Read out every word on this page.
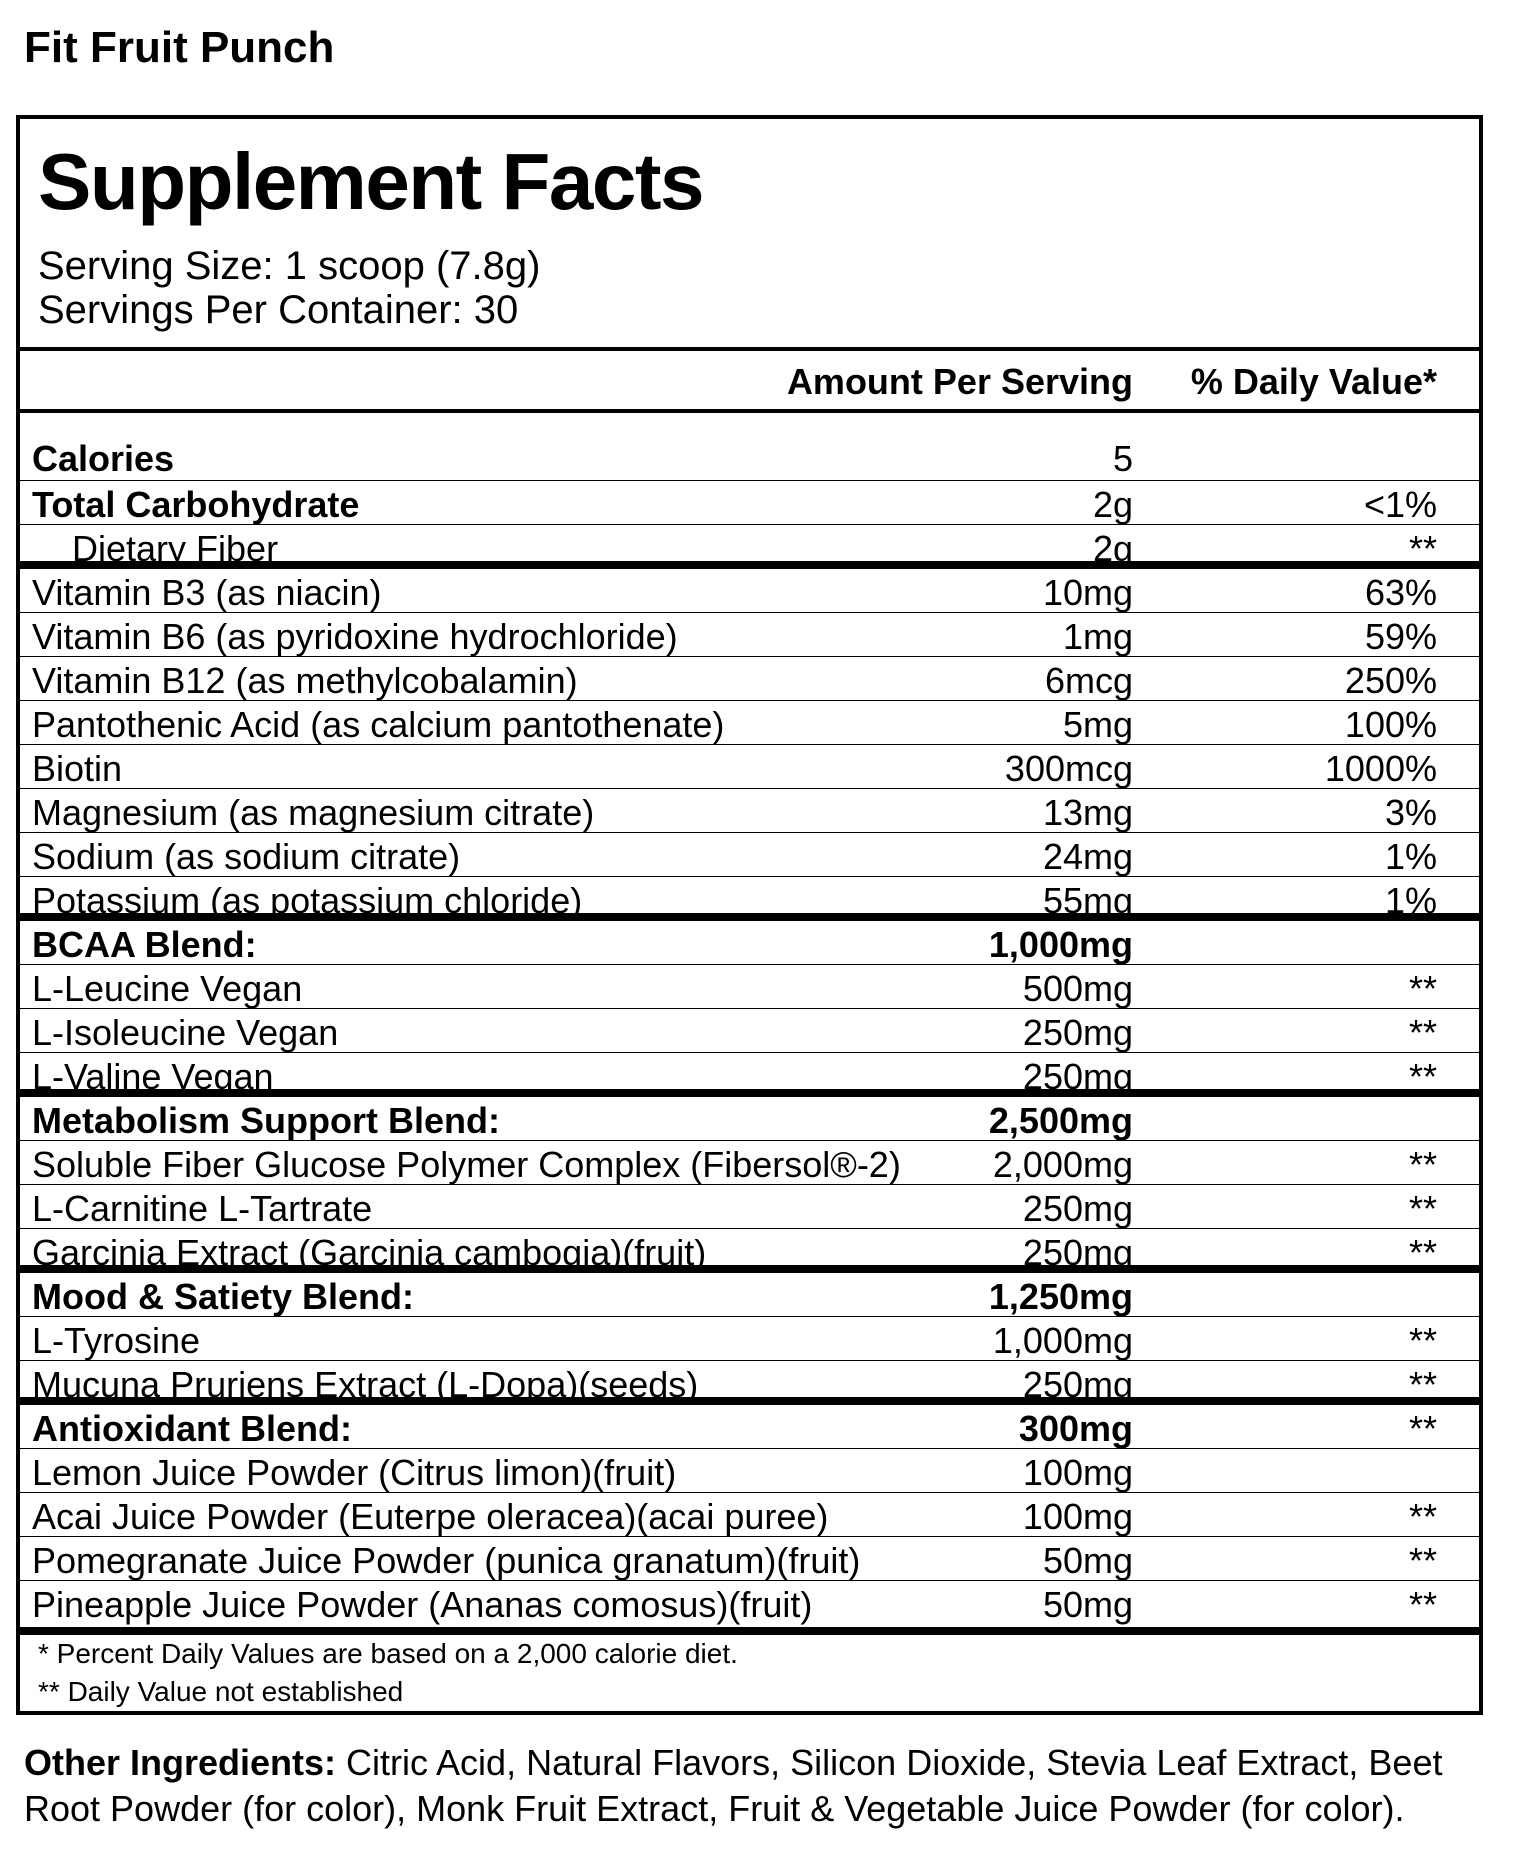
Fit Fruit Punch
Supplement Facts
Serving Size: 1 scoop (7.8g)
Servings Per Container: 30
Amount Per Serving % Daily Value*
Calories	5
Total Carbohydrate	2g	<1%
Dietary Fiber	2g	**
Vitamin B3 (as niacin)	10mg	63%
Vitamin B6 (as pyridoxine hydrochloride)	1mg	59%
Vitamin B12 (as methylcobalamin)	6mcg	250%
Pantothenic Acid (as calcium pantothenate)	5mg	100%
Biotin	300mcg	1000%
Magnesium (as magnesium citrate)	13mg	3%
Sodium (as sodium citrate)	24mg	1%
Potassium (as potassium chloride)	55mg	1%
BCAA Blend:	1,000mg
L-Leucine Vegan	500mg	**
L-Isoleucine Vegan	250mg	**
L-Valine Vegan	250mg	**
Metabolism Support Blend:	2,500mg
Soluble Fiber Glucose Polymer Complex (Fibersol®-2)	2,000mg	**
L-Carnitine L-Tartrate	250mg	**
Garcinia Extract (Garcinia cambogia)(fruit)	250mg	**
Mood & Satiety Blend:	1,250mg
L-Tyrosine	1,000mg	**
Mucuna Pruriens Extract (L-Dopa)(seeds)	250mg	**
Antioxidant Blend:	300mg	**
Lemon Juice Powder (Citrus limon)(fruit)	100mg
Acai Juice Powder (Euterpe oleracea)(acai puree)	100mg	**
Pomegranate Juice Powder (punica granatum)(fruit)	50mg	**
Pineapple Juice Powder (Ananas comosus)(fruit)	50mg	**
* Percent Daily Values are based on a 2,000 calorie diet.
** Daily Value not established
Other Ingredients: Citric Acid, Natural Flavors, Silicon Dioxide, Stevia Leaf Extract, Beet Root Powder (for color), Monk Fruit Extract, Fruit & Vegetable Juice Powder (for color).
